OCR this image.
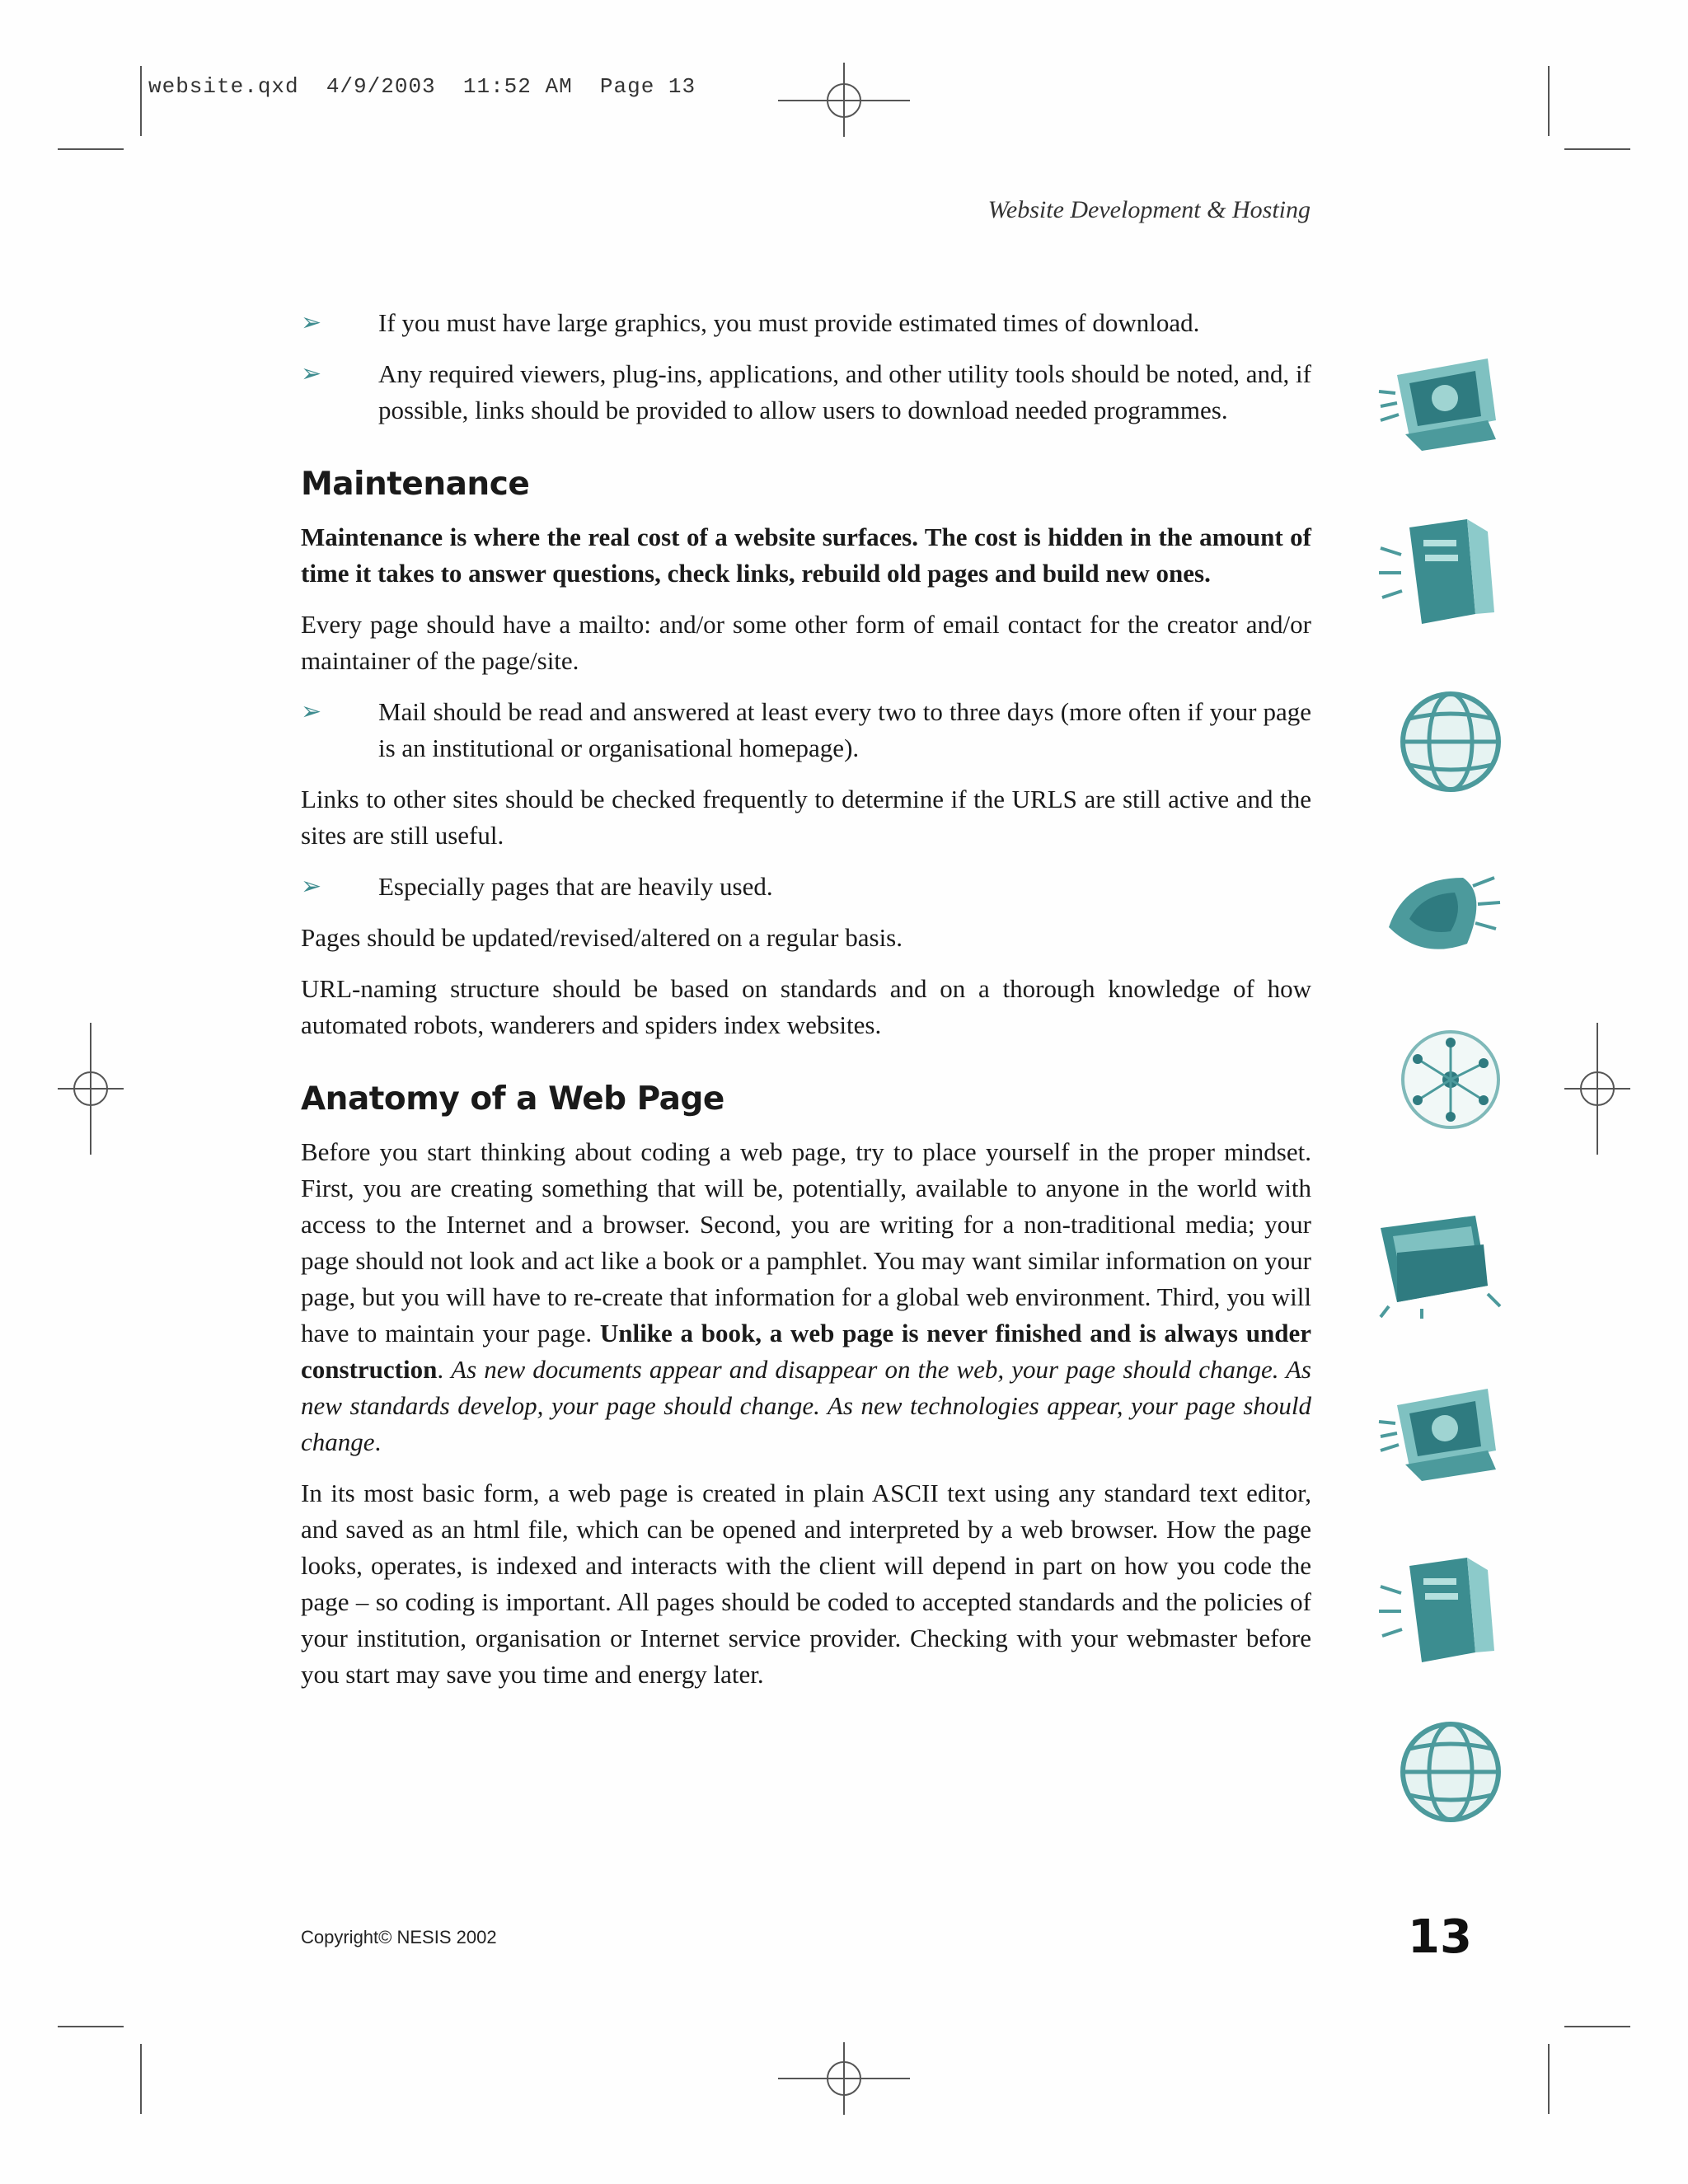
website.qxd  4/9/2003  11:52 AM  Page 13
Website Development & Hosting
➢ If you must have large graphics, you must provide estimated times of download.
➢ Any required viewers, plug-ins, applications, and other utility tools should be noted, and, if possible, links should be provided to allow users to download needed programmes.
Maintenance

Maintenance is where the real cost of a website surfaces. The cost is hidden in the amount of time it takes to answer questions, check links, rebuild old pages and build new ones.

Every page should have a mailto: and/or some other form of email contact for the creator and/or maintainer of the page/site.

➢ Mail should be read and answered at least every two to three days (more often if your page is an institutional or organisational homepage).

Links to other sites should be checked frequently to determine if the URLS are still active and the sites are still useful.

➢ Especially pages that are heavily used.

Pages should be updated/revised/altered on a regular basis.

URL-naming structure should be based on standards and on a thorough knowledge of how automated robots, wanderers and spiders index websites.

Anatomy of a Web Page

Before you start thinking about coding a web page, try to place yourself in the proper mindset. First, you are creating something that will be, potentially, available to anyone in the world with access to the Internet and a browser. Second, you are writing for a non-traditional media; your page should not look and act like a book or a pamphlet. You may want similar information on your page, but you will have to re-create that information for a global web environment. Third, you will have to maintain your page. Unlike a book, a web page is never finished and is always under construction. As new documents appear and disappear on the web, your page should change. As new standards develop, your page should change. As new technologies appear, your page should change.

In its most basic form, a web page is created in plain ASCII text using any standard text editor, and saved as an html file, which can be opened and interpreted by a web browser. How the page looks, operates, is indexed and interacts with the client will depend in part on how you code the page – so coding is important. All pages should be coded to accepted standards and the policies of your institution, organisation or Internet service provider. Checking with your webmaster before you start may save you time and energy later.

Copyright© NESIS 2002	13
